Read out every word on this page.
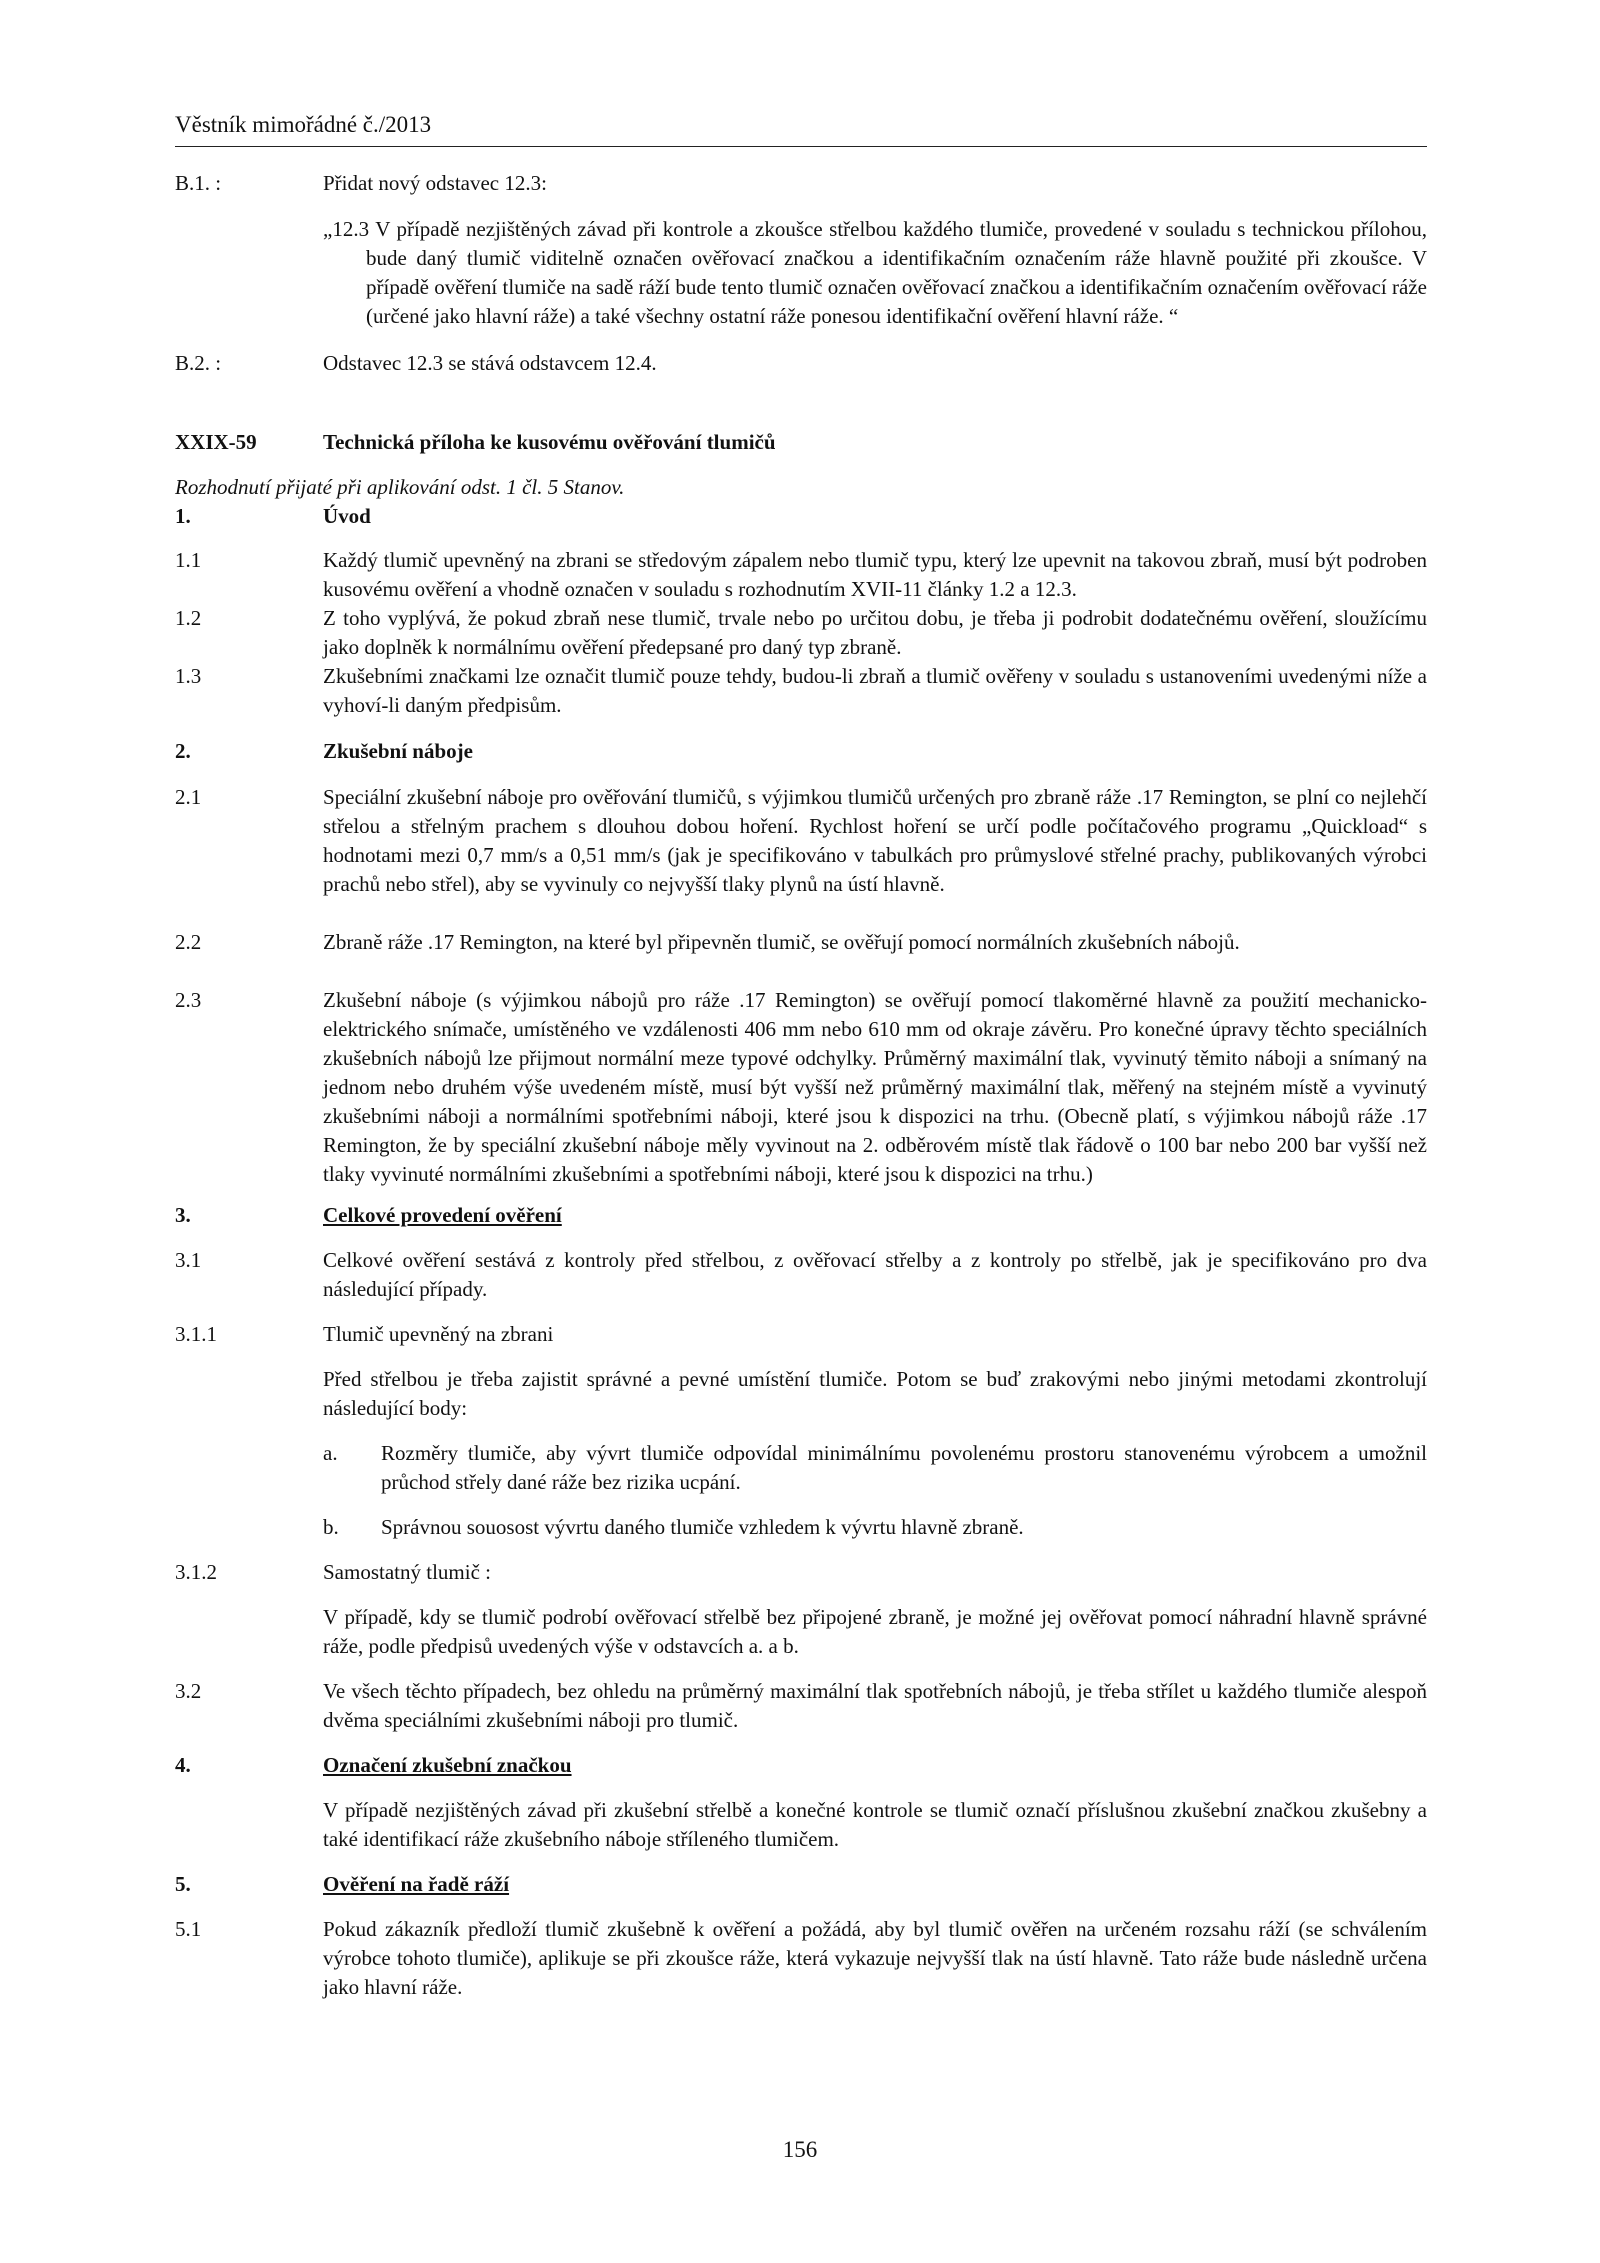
Věstník mimořádné č./2013
B.1. :	Přidat nový odstavec 12.3:
„12.3 V případě nezjištěných závad při kontrole a zkoušce střelbou každého tlumiče, provedené v souladu s technickou přílohou, bude daný tlumič viditelně označen ověřovací značkou a identifikačním označením ráže hlavně použité při zkoušce. V případě ověření tlumiče na sadě ráží bude tento tlumič označen ověřovací značkou a identifikačním označením ověřovací ráže (určené jako hlavní ráže) a také všechny ostatní ráže ponesou identifikační ověření hlavní ráže. “
B.2. :	Odstavec 12.3 se stává odstavcem 12.4.
XXIX-59	Technická příloha ke kusovému ověřování tlumičů
Rozhodnutí přijaté při aplikování odst. 1 čl. 5 Stanov.
1.	Úvod
1.1	Každý tlumič upevněný na zbrani se středovým zápalem nebo tlumič typu, který lze upevnit na takovou zbraň, musí být podroben kusovému ověření a vhodně označen v souladu s rozhodnutím XVII-11 články 1.2 a 12.3.
1.2	Z toho vyplývá, že pokud zbraň nese tlumič, trvale nebo po určitou dobu, je třeba ji podrobit dodatečnému ověření, sloužícímu jako doplněk k normálnímu ověření předepsané pro daný typ zbraně.
1.3	Zkušebními značkami lze označit tlumič pouze tehdy, budou-li zbraň a tlumič ověřeny v souladu s ustanoveními uvedenými níže a vyhoví-li daným předpisům.
2.	Zkušební náboje
2.1	Speciální zkušební náboje pro ověřování tlumičů, s výjimkou tlumičů určených pro zbraně ráže .17 Remington, se plní co nejlehčí střelou a střelným prachem s dlouhou dobou hoření. Rychlost hoření se určí podle počítačového programu „Quickload“ s hodnotami mezi 0,7 mm/s a 0,51 mm/s (jak je specifikováno v tabulkách pro průmyslové střelné prachy, publikovaných výrobci prachů nebo střel), aby se vyvinuly co nejvyšší tlaky plynů na ústí hlavně.
2.2	Zbraně ráže .17 Remington, na které byl připevněn tlumič, se ověřují pomocí normálních zkušebních nábojů.
2.3	Zkušební náboje (s výjimkou nábojů pro ráže .17 Remington) se ověřují pomocí tlakoměrné hlavně za použití mechanicko-elektrického snímače, umístěného ve vzdálenosti 406 mm nebo 610 mm od okraje závěru. Pro konečné úpravy těchto speciálních zkušebních nábojů lze přijmout normální meze typové odchylky. Průměrný maximální tlak, vyvinutý těmito náboji a snímaný na jednom nebo druhém výše uvedeném místě, musí být vyšší než průměrný maximální tlak, měřený na stejném místě a vyvinutý zkušebními náboji a normálními spotřebními náboji, které jsou k dispozici na trhu. (Obecně platí, s výjimkou nábojů ráže .17 Remington, že by speciální zkušební náboje měly vyvinout na 2. odběrovém místě tlak řádově o 100 bar nebo 200 bar vyšší než tlaky vyvinuté normálními zkušebními a spotřebními náboji, které jsou k dispozici na trhu.)
3.	Celkové provedení ověření
3.1	Celkové ověření sestává z kontroly před střelbou, z ověřovací střelby a z kontroly po střelbě, jak je specifikováno pro dva následující případy.
3.1.1	Tlumič upevněný na zbrani
Před střelbou je třeba zajistit správné a pevné umístění tlumiče. Potom se buď zrakovými nebo jinými metodami zkontrolují následující body:
a.	Rozměry tlumiče, aby vývrt tlumiče odpovídal minimálnímu povolenému prostoru stanovenému výrobcem a umožnil průchod střely dané ráže bez rizika ucpání.
b.	Správnou souosost vývrtu daného tlumiče vzhledem k vývrtu hlavně zbraně.
3.1.2	Samostatný tlumič :
V případě, kdy se tlumič podrobí ověřovací střelbě bez připojené zbraně, je možné jej ověřovat pomocí náhradní hlavně správné ráže, podle předpisů uvedených výše v odstavcích a. a b.
3.2	Ve všech těchto případech, bez ohledu na průměrný maximální tlak spotřebních nábojů, je třeba střílet u každého tlumiče alespoň dvěma speciálními zkušebními náboji pro tlumič.
4.	Označení zkušební značkou
V případě nezjištěných závad při zkušební střelbě a konečné kontrole se tlumič označí příslušnou zkušební značkou zkušebny a také identifikací ráže zkušebního náboje stříleného tlumičem.
5.	Ověření na řadě ráží
5.1	Pokud zákazník předloží tlumič zkušebně k ověření a požádá, aby byl tlumič ověřen na určeném rozsahu ráží (se schválením výrobce tohoto tlumiče), aplikuje se při zkoušce ráže, která vykazuje nejvyšší tlak na ústí hlavně. Tato ráže bude následně určena jako hlavní ráže.
156
